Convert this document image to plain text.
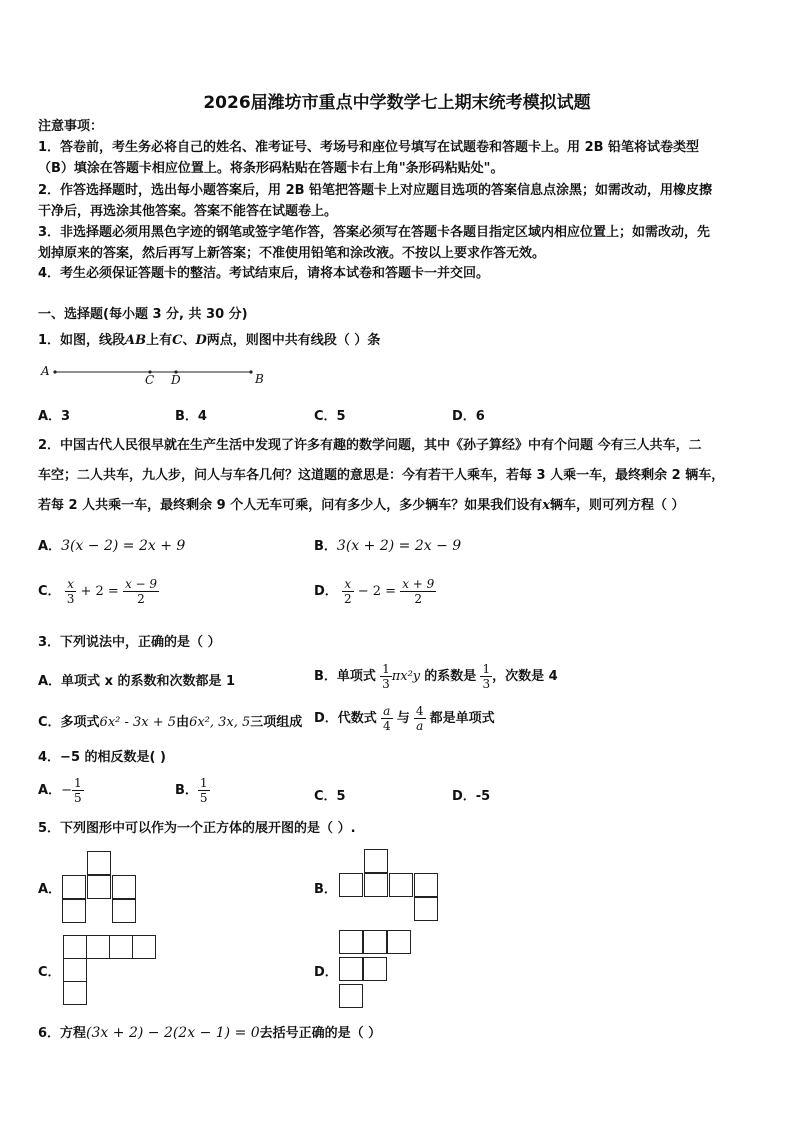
2026届潍坊市重点中学数学七上期末统考模拟试题
注意事项：
1．答卷前，考生务必将自己的姓名、准考证号、考场号和座位号填写在试题卷和答题卡上。用 2B 铅笔将试卷类型
（B）填涂在答题卡相应位置上。将条形码粘贴在答题卡右上角"条形码粘贴处"。
2．作答选择题时，选出每小题答案后，用 2B 铅笔把答题卡上对应题目选项的答案信息点涂黑；如需改动，用橡皮擦
干净后，再选涂其他答案。答案不能答在试题卷上。
3．非选择题必须用黑色字迹的钢笔或签字笔作答，答案必须写在答题卡各题目指定区域内相应位置上；如需改动，先
划掉原来的答案，然后再写上新答案；不准使用铅笔和涂改液。不按以上要求作答无效。
4．考生必须保证答题卡的整洁。考试结束后，请将本试卷和答题卡一并交回。
一、选择题(每小题 3 分, 共 30 分)
1．如图，线段AB上有C、D两点，则图中共有线段（ ）条
A
C D	B
A．3	B．4	C．5	D．6
2．中国古代人民很早就在生产生活中发现了许多有趣的数学问题，其中《孙子算经》中有个问题 今有三人共车，二
车空；二人共车，九人步，问人与车各几何？这道题的意思是：今有若干人乘车，若每 3 人乘一车，最终剩余 2 辆车，
若每 2 人共乘一车，最终剩余 9 个人无车可乘，问有多少人，多少辆车？如果我们设有x辆车，则可列方程（ ）
A．3(x − 2) = 2x + 9	B．3(x + 2) = 2x − 9
C． $\frac{x}{3} + 2 = \frac{x - 9}{2}$	D． $\frac{x}{2} - 2 = \frac{x + 9}{2}$
3．下列说法中，正确的是（ ）
A．单项式 x 的系数和次数都是 1	B．单项式 $\frac{1}{3} \pi x^2y$ 的系数是 $\frac{1}{3}$ ，次数是 4
C．多项式6x² - 3x + 5由6x², 3x, 5三项组成 D．代数式 $\frac{a}{4}$ 与 $\frac{4}{a}$ 都是单项式
4．−5 的相反数是( )
A．− $\frac{1}{5}$	B． $\frac{1}{5}$	C．5	D．-5
5．下列图形中可以作为一个正方体的展开图的是（ ）.
A．	B．
C．	D．
6．方程(3x + 2) − 2(2x − 1) = 0去括号正确的是（ ）
